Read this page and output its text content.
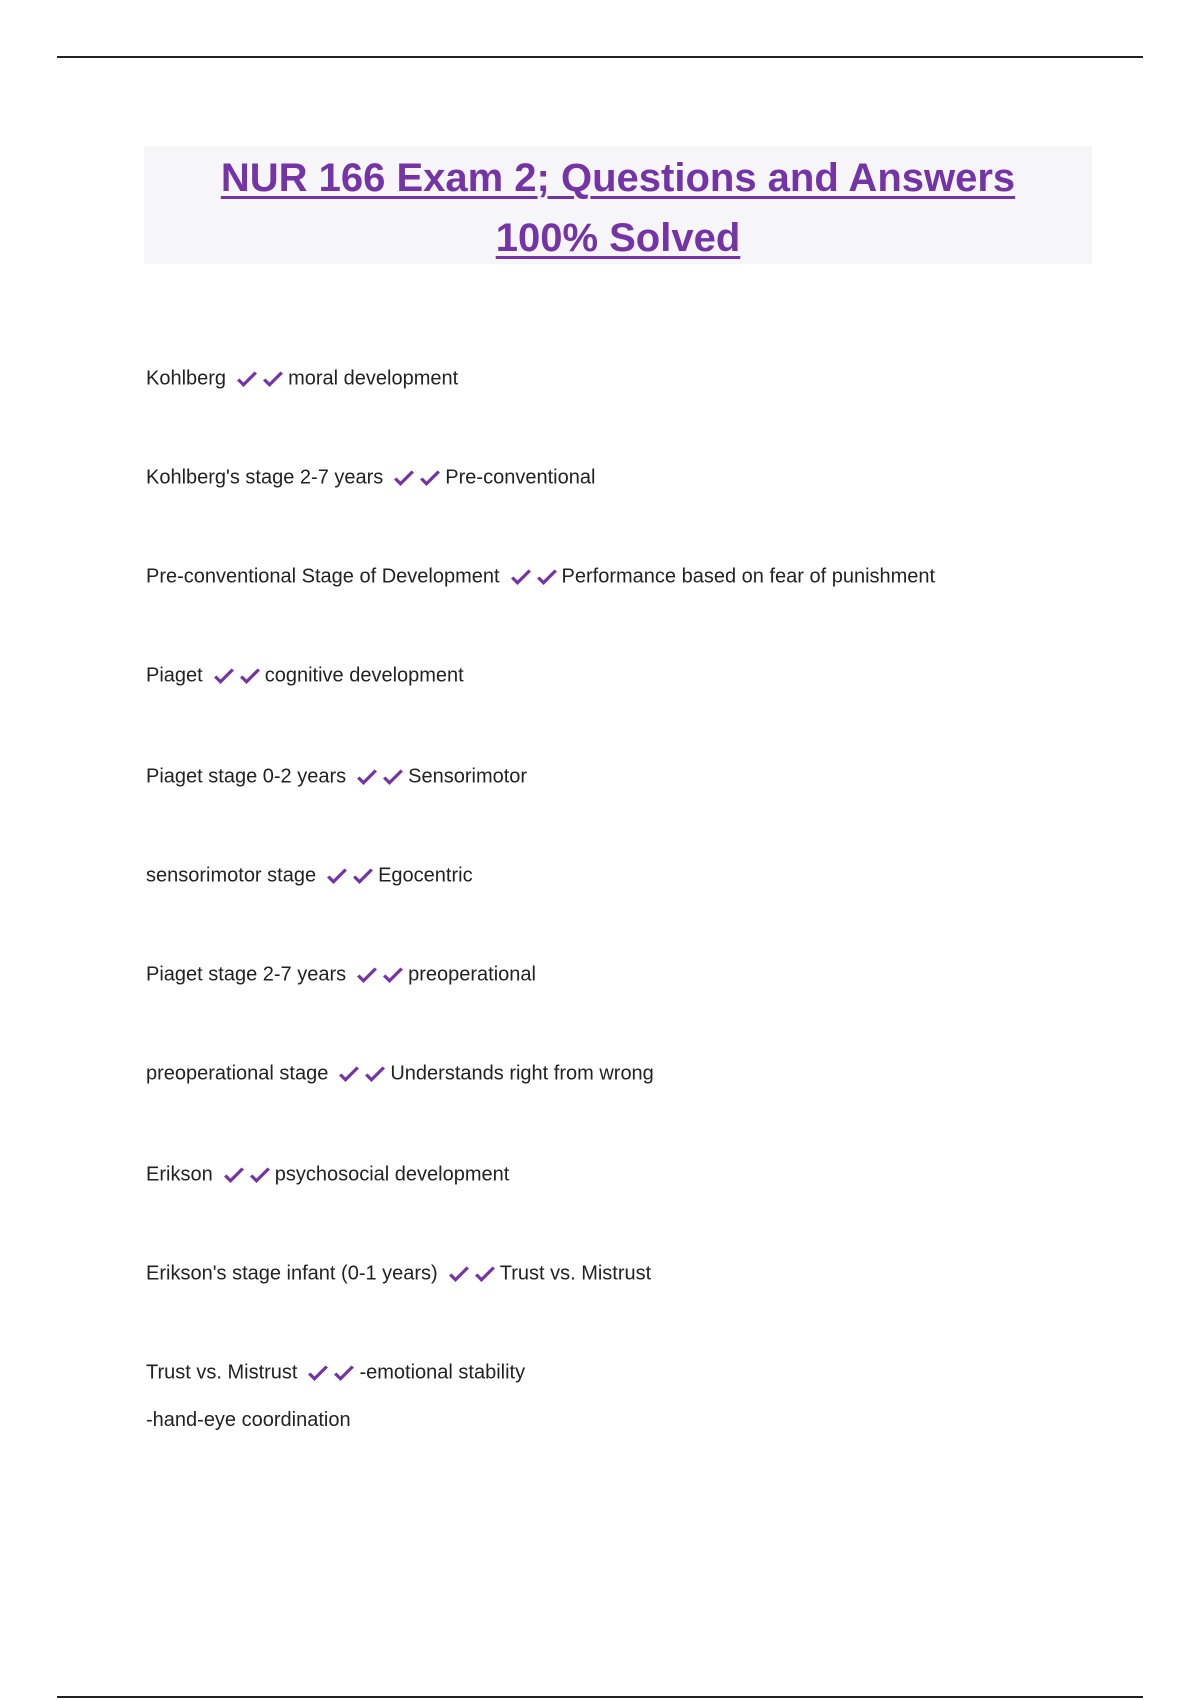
NUR 166 Exam 2; Questions and Answers
100% Solved
Kohlberg	moral development
Kohlberg's stage 2-7 years	Pre-conventional
Pre-conventional Stage of Development	Performance based on fear of punishment
Piaget	cognitive development
Piaget stage 0-2 years	Sensorimotor
sensorimotor stage	Egocentric
Piaget stage 2-7 years	preoperational
preoperational stage	Understands right from wrong
Erikson	psychosocial development
Erikson's stage infant (0-1 years)	Trust vs. Mistrust
Trust vs. Mistrust	-emotional stability
-hand-eye coordination
